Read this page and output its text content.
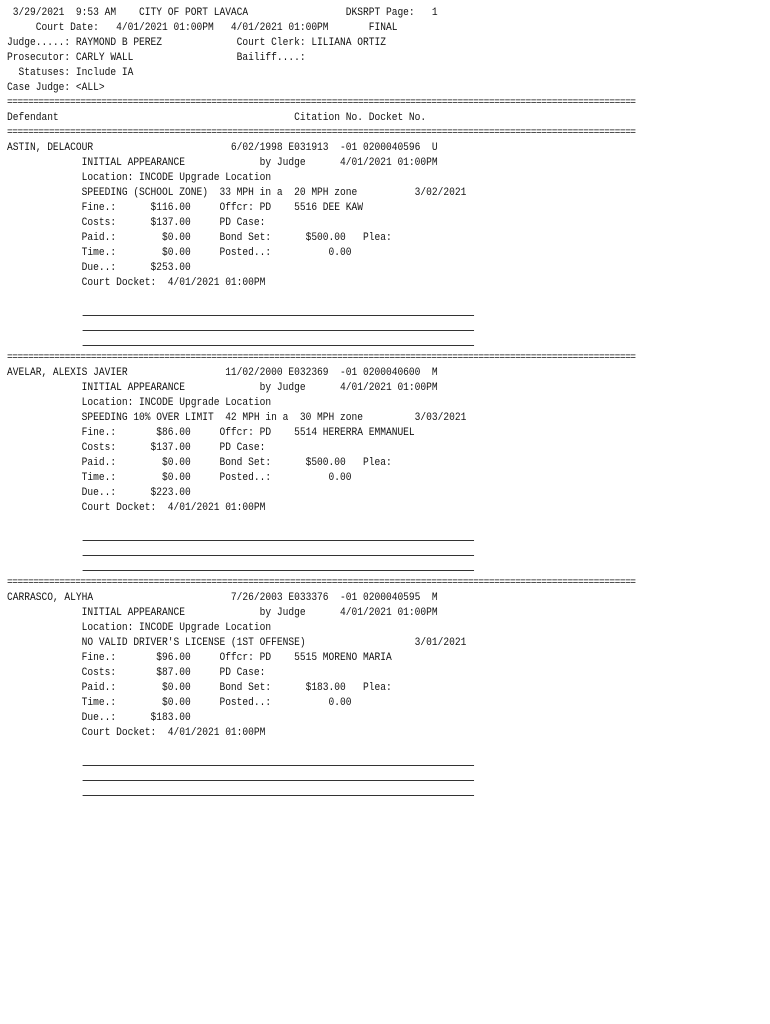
3/29/2021  9:53 AM    CITY OF PORT LAVACA                 DKSRPT Page:   1
Court Date:   4/01/2021 01:00PM   4/01/2021 01:00PM       FINAL
Judge.....: RAYMOND B PEREZ             Court Clerk: LILIANA ORTIZ
Prosecutor: CARLY WALL                  Bailiff....:
Statuses: Include IA
Case Judge: <ALL>
========================================================================================================================
Defendant                                         Citation No. Docket No.
========================================================================================================================
ASTIN, DELACOUR                        6/02/1998 E031913  -01 0200040596  U
INITIAL APPEARANCE             by Judge      4/01/2021 01:00PM
Location: INCODE Upgrade Location
SPEEDING (SCHOOL ZONE)  33 MPH in a  20 MPH zone          3/02/2021
Fine.:      $116.00     Offcr: PD    5516 DEE KAW
Costs:      $137.00     PD Case:
Paid.:        $0.00     Bond Set:      $500.00   Plea:
Time.:        $0.00     Posted..:          0.00
Due..:      $253.00
Court Docket:  4/01/2021 01:00PM
========================================================================================================================
AVELAR, ALEXIS JAVIER                 11/02/2000 E032369  -01 0200040600  M
INITIAL APPEARANCE             by Judge      4/01/2021 01:00PM
Location: INCODE Upgrade Location
SPEEDING 10% OVER LIMIT  42 MPH in a  30 MPH zone         3/03/2021
Fine.:       $86.00     Offcr: PD    5514 HERERRA EMMANUEL
Costs:      $137.00     PD Case:
Paid.:        $0.00     Bond Set:      $500.00   Plea:
Time.:        $0.00     Posted..:          0.00
Due..:      $223.00
Court Docket:  4/01/2021 01:00PM
========================================================================================================================
CARRASCO, ALYHA                        7/26/2003 E033376  -01 0200040595  M
INITIAL APPEARANCE             by Judge      4/01/2021 01:00PM
Location: INCODE Upgrade Location
NO VALID DRIVER'S LICENSE (1ST OFFENSE)                   3/01/2021
Fine.:       $96.00     Offcr: PD    5515 MORENO MARIA
Costs:       $87.00     PD Case:
Paid.:        $0.00     Bond Set:      $183.00   Plea:
Time.:        $0.00     Posted..:          0.00
Due..:      $183.00
Court Docket:  4/01/2021 01:00PM
